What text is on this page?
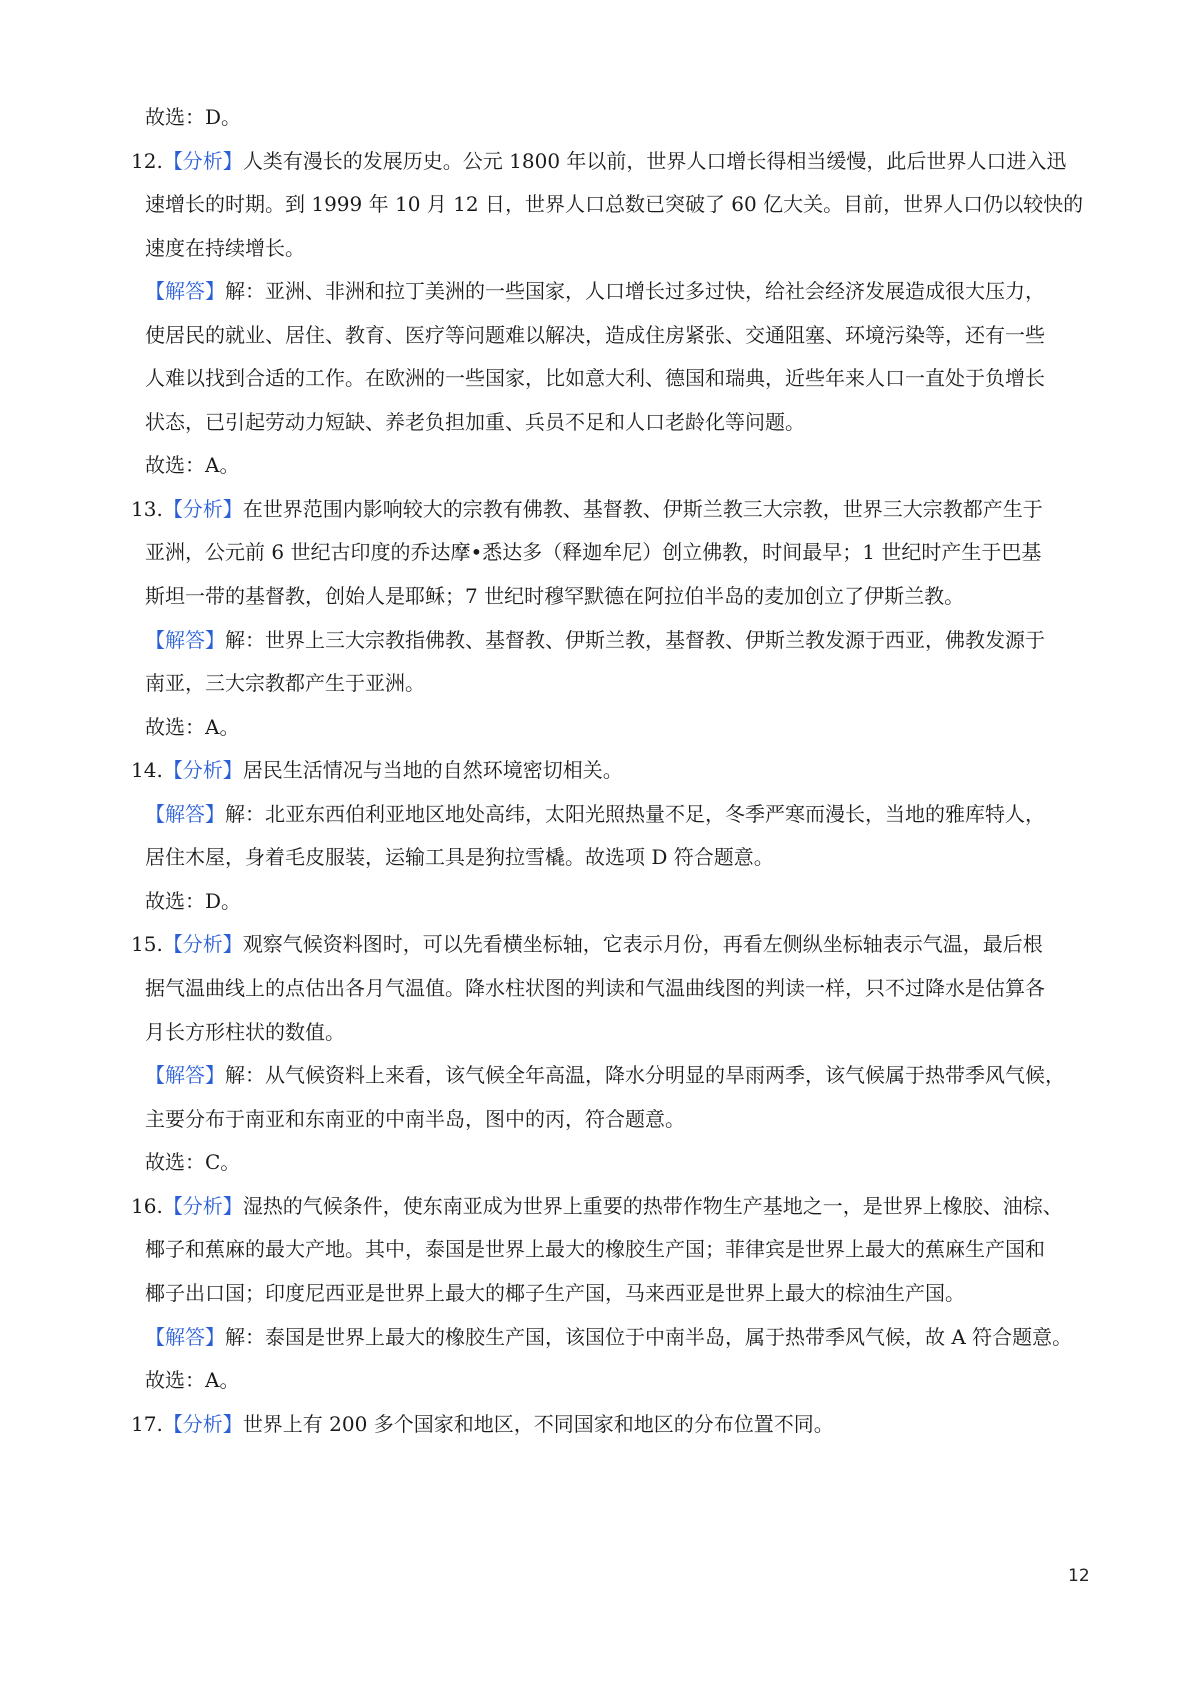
故选：D。
12.【分析】人类有漫长的发展历史。公元 1800 年以前，世界人口增长得相当缓慢，此后世界人口进入迅
速增长的时期。到 1999 年 10 月 12 日，世界人口总数已突破了 60 亿大关。目前，世界人口仍以较快的
速度在持续增长。
【解答】解：亚洲、非洲和拉丁美洲的一些国家，人口增长过多过快，给社会经济发展造成很大压力，
使居民的就业、居住、教育、医疗等问题难以解决，造成住房紧张、交通阻塞、环境污染等，还有一些
人难以找到合适的工作。在欧洲的一些国家，比如意大利、德国和瑞典，近些年来人口一直处于负增长
状态，已引起劳动力短缺、养老负担加重、兵员不足和人口老龄化等问题。
故选：A。
13.【分析】在世界范围内影响较大的宗教有佛教、基督教、伊斯兰教三大宗教，世界三大宗教都产生于
亚洲，公元前 6 世纪古印度的乔达摩•悉达多（释迦牟尼）创立佛教，时间最早；1 世纪时产生于巴基
斯坦一带的基督教，创始人是耶稣；7 世纪时穆罕默德在阿拉伯半岛的麦加创立了伊斯兰教。
【解答】解：世界上三大宗教指佛教、基督教、伊斯兰教，基督教、伊斯兰教发源于西亚，佛教发源于
南亚，三大宗教都产生于亚洲。
故选：A。
14.【分析】居民生活情况与当地的自然环境密切相关。
【解答】解：北亚东西伯利亚地区地处高纬，太阳光照热量不足，冬季严寒而漫长，当地的雅库特人，
居住木屋，身着毛皮服装，运输工具是狗拉雪橇。故选项 D 符合题意。
故选：D。
15.【分析】观察气候资料图时，可以先看横坐标轴，它表示月份，再看左侧纵坐标轴表示气温，最后根
据气温曲线上的点估出各月气温值。降水柱状图的判读和气温曲线图的判读一样，只不过降水是估算各
月长方形柱状的数值。
【解答】解：从气候资料上来看，该气候全年高温，降水分明显的旱雨两季，该气候属于热带季风气候，
主要分布于南亚和东南亚的中南半岛，图中的丙，符合题意。
故选：C。
16.【分析】湿热的气候条件，使东南亚成为世界上重要的热带作物生产基地之一，是世界上橡胶、油棕、
椰子和蕉麻的最大产地。其中，泰国是世界上最大的橡胶生产国；菲律宾是世界上最大的蕉麻生产国和
椰子出口国；印度尼西亚是世界上最大的椰子生产国，马来西亚是世界上最大的棕油生产国。
【解答】解：泰国是世界上最大的橡胶生产国，该国位于中南半岛，属于热带季风气候，故 A 符合题意。
故选：A。
17.【分析】世界上有 200 多个国家和地区，不同国家和地区的分布位置不同。
12
